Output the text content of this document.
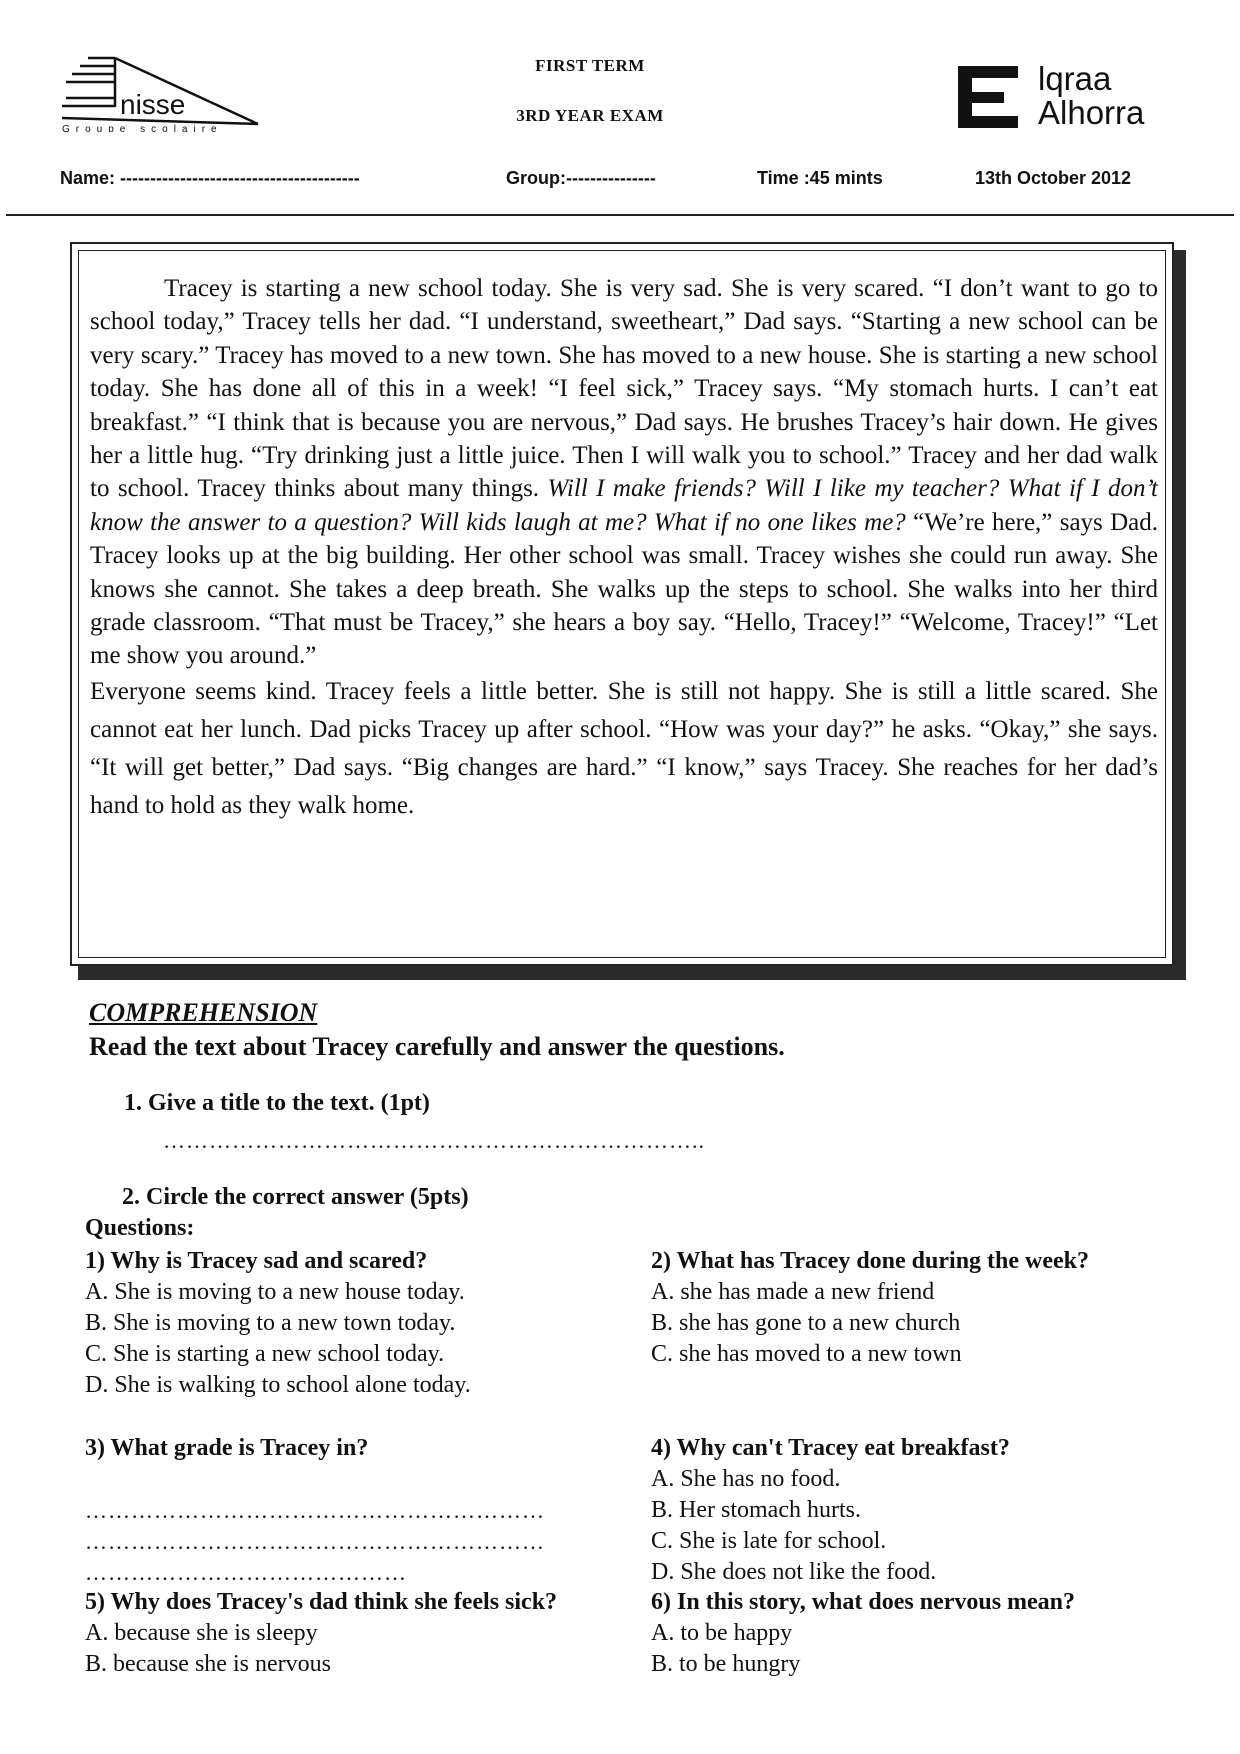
nisse
Groupe scolaire
FIRST TERM
3RD YEAR EXAM
lqraa
Alhorra
Name: ----------------------------------------	Group:---------------	Time :45 mints	13th October 2012

Tracey is starting a new school today. She is very sad. She is very scared. “I don’t want to go to school today,” Tracey tells her dad. “I understand, sweetheart,” Dad says. “Starting a new school can be very scary.” Tracey has moved to a new town. She has moved to a new house. She is starting a new school today. She has done all of this in a week! “I feel sick,” Tracey says. “My stomach hurts. I can’t eat breakfast.” “I think that is because you are nervous,” Dad says. He brushes Tracey’s hair down. He gives her a little hug. “Try drinking just a little juice. Then I will walk you to school.” Tracey and her dad walk to school. Tracey thinks about many things. Will I make friends? Will I like my teacher? What if I don’t know the answer to a question? Will kids laugh at me? What if no one likes me? “We’re here,” says Dad. Tracey looks up at the big building. Her other school was small. Tracey wishes she could run away. She knows she cannot. She takes a deep breath. She walks up the steps to school. She walks into her third grade classroom. “That must be Tracey,” she hears a boy say. “Hello, Tracey!” “Welcome, Tracey!” “Let me show you around.”

Everyone seems kind. Tracey feels a little better. She is still not happy. She is still a little scared. She cannot eat her lunch. Dad picks Tracey up after school. “How was your day?” he asks. “Okay,” she says. “It will get better,” Dad says. “Big changes are hard.” “I know,” says Tracey. She reaches for her dad’s hand to hold as they walk home.

COMPREHENSION
Read the text about Tracey carefully and answer the questions.
1. Give a title to the text. (1pt)
……………………………………………………………..
2. Circle the correct answer (5pts)
Questions:
1) Why is Tracey sad and scared?
A. She is moving to a new house today.
B. She is moving to a new town today.
C. She is starting a new school today.
D. She is walking to school alone today.
2) What has Tracey done during the week?
A. she has made a new friend
B. she has gone to a new church
C. she has moved to a new town
3) What grade is Tracey in?
……………………………………………………
……………………………………………………
……………………………………
4) Why can't Tracey eat breakfast?
A. She has no food.
B. Her stomach hurts.
C. She is late for school.
D. She does not like the food.
5) Why does Tracey's dad think she feels sick?
A. because she is sleepy
B. because she is nervous
6) In this story, what does nervous mean?
A. to be happy
B. to be hungry
